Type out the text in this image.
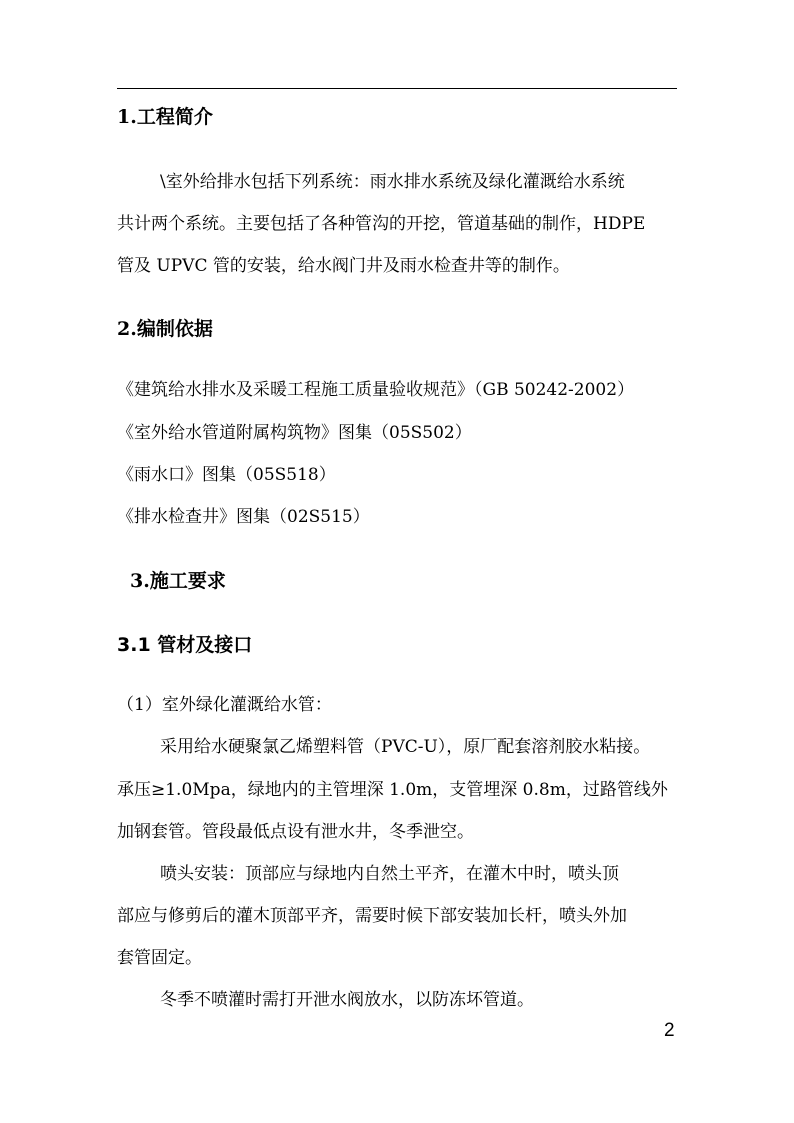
1.工程简介
\室外给排水包括下列系统：雨水排水系统及绿化灌溉给水系统
共计两个系统。主要包括了各种管沟的开挖，管道基础的制作，HDPE
管及 UPVC 管的安装，给水阀门井及雨水检查井等的制作。
2.编制依据
《建筑给水排水及采暖工程施工质量验收规范》（GB 50242-2002）
《室外给水管道附属构筑物》图集（05S502）
《雨水口》图集（05S518）
《排水检查井》图集（02S515）
3.施工要求
3.1 管材及接口
（1）室外绿化灌溉给水管：
采用给水硬聚氯乙烯塑料管（PVC-U），原厂配套溶剂胶水粘接。
承压≥1.0Mpa，绿地内的主管埋深 1.0m，支管埋深 0.8m，过路管线外
加钢套管。管段最低点设有泄水井，冬季泄空。
喷头安装：顶部应与绿地内自然土平齐，在灌木中时，喷头顶
部应与修剪后的灌木顶部平齐，需要时候下部安装加长杆，喷头外加
套管固定。
冬季不喷灌时需打开泄水阀放水，以防冻坏管道。
2
